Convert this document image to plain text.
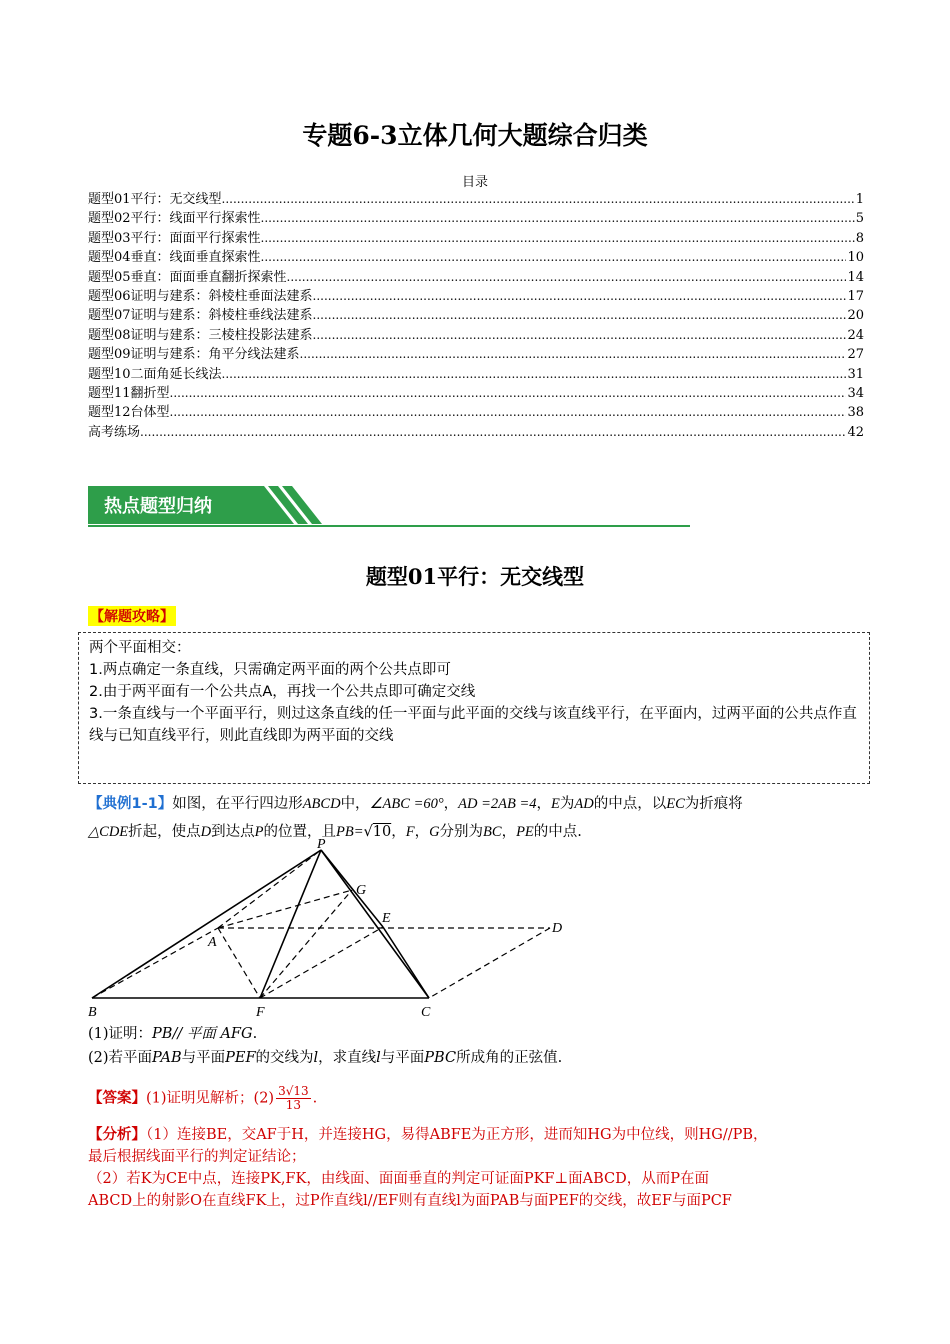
专题6-3立体几何大题综合归类
目录
题型01平行：无交线型 .....	1
题型02平行：线面平行探索性 .....	5
题型03平行：面面平行探索性 .....	8
题型04垂直：线面垂直探索性 .....	10
题型05垂直：面面垂直翻折探索性 .....	14
题型06证明与建系：斜棱柱垂面法建系 .....	17
题型07证明与建系：斜棱柱垂线法建系 .....	20
题型08证明与建系：三棱柱投影法建系 .....	24
题型09证明与建系：角平分线法建系 .....	27
题型10二面角延长线法 .....	31
题型11翻折型 .....	34
题型12台体型 .....	38
高考练场 .....	42
热点题型归纳
题型01平行：无交线型
【解题攻略】
两个平面相交：
1.两点确定一条直线，只需确定两平面的两个公共点即可
2.由于两平面有一个公共点A，再找一个公共点即可确定交线
3.一条直线与一个平面平行，则过这条直线的任一平面与此平面的交线与该直线平行，在平面内，过两平面的公共点作直线与已知直线平行，则此直线即为两平面的交线
【典例1-1】如图，在平行四边形ABCD中，∠ABC =60°，AD =2AB =4，E为AD的中点，以EC为折痕将
△CDE折起，使点D到达点P的位置，且PB=√10，F，G分别为BC，PE的中点.
P
G
E
D
A
B	F	C
(1)证明：PB// 平面 AFG.
(2)若平面PAB与平面PEF的交线为l，求直线l与平面PBC所成角的正弦值.
【答案】(1)证明见解析；$(2) \frac{3√13}{13}$ .
【分析】（1）连接BE，交AF于H，并连接HG，易得ABFE为正方形，进而知HG为中位线，则HG//PB，
最后根据线面平行的判定证结论；
（2）若K为CE中点，连接PK,FK，由线面、面面垂直的判定可证面PKF⊥面ABCD，从而P在面
ABCD上的射影O在直线FK上，过P作直线l//EF则有直线l为面PAB与面PEF的交线，故EF与面PCF
